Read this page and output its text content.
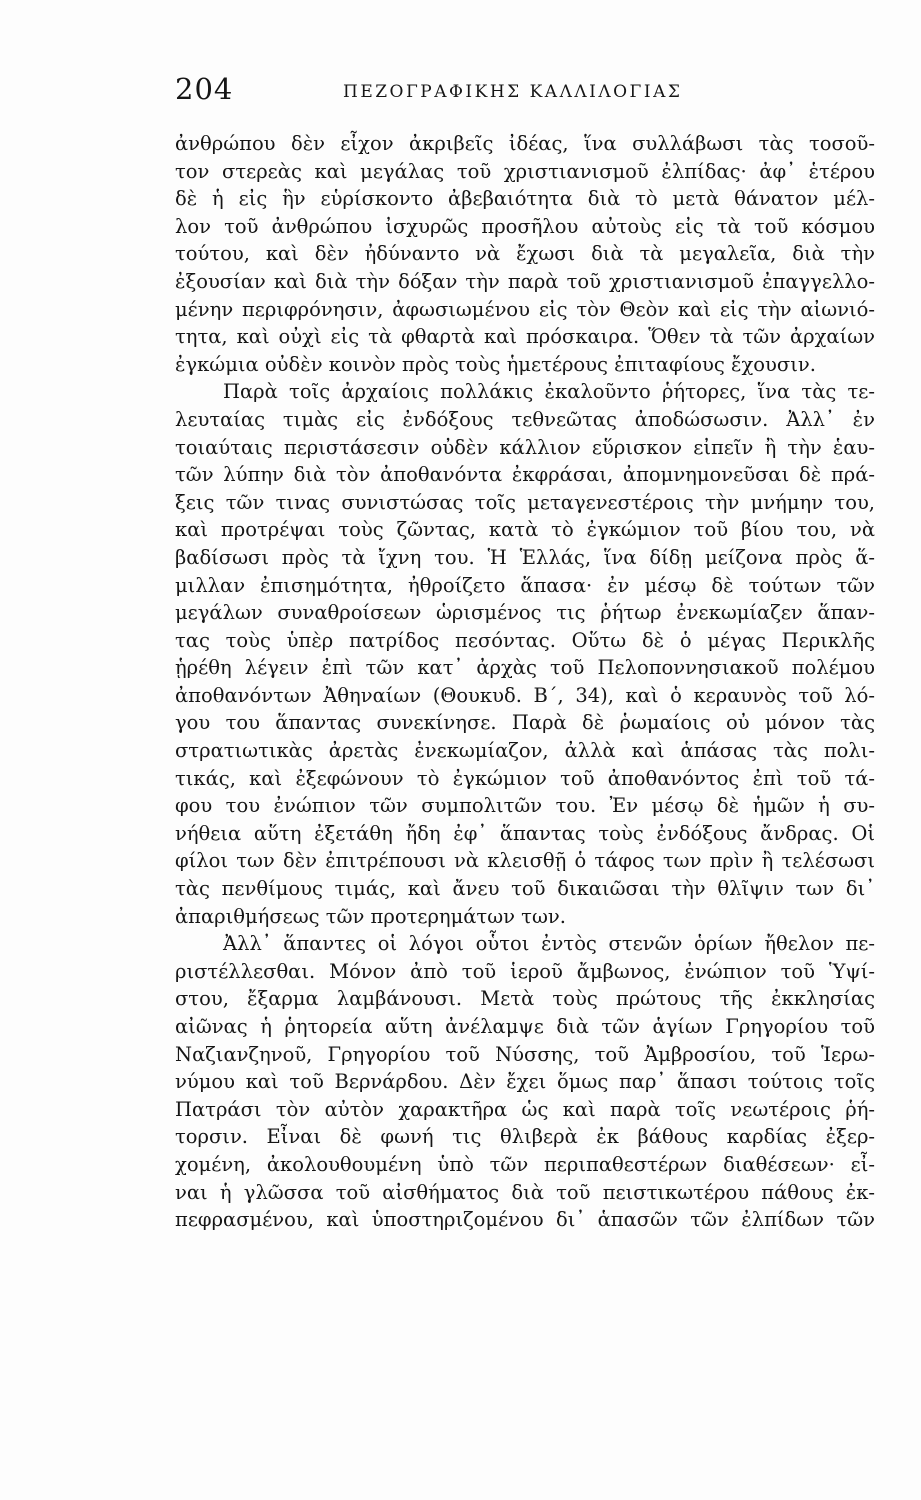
204	ΠΕΖΟΓΡΑΦΙΚΗΣ ΚΑΛΛΙΛΟΓΙΑΣ
ἀνθρώπου δὲν εἶχον ἀκριβεῖς ἰδέας, ἵνα συλλάβωσι τὰς τοσοῦ-
τον στερεὰς καὶ μεγάλας τοῦ χριστιανισμοῦ ἐλπίδας· ἀφ᾽ ἑτέρου
δὲ ἡ εἰς ἣν εὑρίσκοντο ἀβεβαιότητα διὰ τὸ μετὰ θάνατον μέλ-
λον τοῦ ἀνθρώπου ἰσχυρῶς προσῆλου αὐτοὺς εἰς τὰ τοῦ κόσμου
τούτου, καὶ δὲν ἠδύναντο νὰ ἔχωσι διὰ τὰ μεγαλεῖα, διὰ τὴν
ἐξουσίαν καὶ διὰ τὴν δόξαν τὴν παρὰ τοῦ χριστιανισμοῦ ἐπαγγελλο-
μένην περιφρόνησιν, ἀφωσιωμένου εἰς τὸν Θεὸν καὶ εἰς τὴν αἰωνιό-
τητα, καὶ οὐχὶ εἰς τὰ φθαρτὰ καὶ πρόσκαιρα. Ὅθεν τὰ τῶν ἀρχαίων
ἐγκώμια οὐδὲν κοινὸν πρὸς τοὺς ἡμετέρους ἐπιταφίους ἔχουσιν.
Παρὰ τοῖς ἀρχαίοις πολλάκις ἐκαλοῦντο ῥήτορες, ἵνα τὰς τε-
λευταίας τιμὰς εἰς ἐνδόξους τεθνεῶτας ἀποδώσωσιν. Ἀλλ᾽ ἐν
τοιαύταις περιστάσεσιν οὐδὲν κάλλιον εὕρισκον εἰπεῖν ἢ τὴν ἑαυ-
τῶν λύπην διὰ τὸν ἀποθανόντα ἐκφράσαι, ἀπομνημονεῦσαι δὲ πρά-
ξεις τῶν τινας συνιστώσας τοῖς μεταγενεστέροις τὴν μνήμην του,
καὶ προτρέψαι τοὺς ζῶντας, κατὰ τὸ ἐγκώμιον τοῦ βίου του, νὰ
βαδίσωσι πρὸς τὰ ἴχνη του. Ἡ Ἑλλάς, ἵνα δίδῃ μείζονα πρὸς ἅ-
μιλλαν ἐπισημότητα, ἠθροίζετο ἅπασα· ἐν μέσῳ δὲ τούτων τῶν
μεγάλων συναθροίσεων ὡρισμένος τις ῥήτωρ ἐνεκωμίαζεν ἅπαν-
τας τοὺς ὑπὲρ πατρίδος πεσόντας. Οὕτω δὲ ὁ μέγας Περικλῆς
ᾑρέθη λέγειν ἐπὶ τῶν κατ᾽ ἀρχὰς τοῦ Πελοποννησιακοῦ πολέμου
ἀποθανόντων Ἀθηναίων (Θουκυδ. Β´, 34), καὶ ὁ κεραυνὸς τοῦ λό-
γου του ἅπαντας συνεκίνησε. Παρὰ δὲ ῥωμαίοις οὐ μόνον τὰς
στρατιωτικὰς ἀρετὰς ἐνεκωμίαζον, ἀλλὰ καὶ ἁπάσας τὰς πολι-
τικάς, καὶ ἐξεφώνουν τὸ ἐγκώμιον τοῦ ἀποθανόντος ἐπὶ τοῦ τά-
φου του ἐνώπιον τῶν συμπολιτῶν του. Ἐν μέσῳ δὲ ἡμῶν ἡ συ-
νήθεια αὕτη ἐξετάθη ἤδη ἐφ᾽ ἅπαντας τοὺς ἐνδόξους ἄνδρας. Οἱ
φίλοι των δὲν ἐπιτρέπουσι νὰ κλεισθῇ ὁ τάφος των πρὶν ἢ τελέσωσι
τὰς πενθίμους τιμάς, καὶ ἄνευ τοῦ δικαιῶσαι τὴν θλῖψιν των δι᾽
ἀπαριθμήσεως τῶν προτερημάτων των.
Ἀλλ᾽ ἅπαντες οἱ λόγοι οὗτοι ἐντὸς στενῶν ὁρίων ἤθελον πε-
ριστέλλεσθαι. Μόνον ἀπὸ τοῦ ἱεροῦ ἄμβωνος, ἐνώπιον τοῦ Ὑψί-
στου, ἔξαρμα λαμβάνουσι. Μετὰ τοὺς πρώτους τῆς ἐκκλησίας
αἰῶνας ἡ ῥητορεία αὕτη ἀνέλαμψε διὰ τῶν ἁγίων Γρηγορίου τοῦ
Ναζιανζηνοῦ, Γρηγορίου τοῦ Νύσσης, τοῦ Ἀμβροσίου, τοῦ Ἱερω-
νύμου καὶ τοῦ Βερνάρδου. Δὲν ἔχει ὅμως παρ᾽ ἅπασι τούτοις τοῖς
Πατράσι τὸν αὐτὸν χαρακτῆρα ὡς καὶ παρὰ τοῖς νεωτέροις ῥή-
τορσιν. Εἶναι δὲ φωνή τις θλιβερὰ ἐκ βάθους καρδίας ἐξερ-
χομένη, ἀκολουθουμένη ὑπὸ τῶν περιπαθεστέρων διαθέσεων· εἶ-
ναι ἡ γλῶσσα τοῦ αἰσθήματος διὰ τοῦ πειστικωτέρου πάθους ἐκ-
πεφρασμένου, καὶ ὑποστηριζομένου δι᾽ ἁπασῶν τῶν ἐλπίδων τῶν
